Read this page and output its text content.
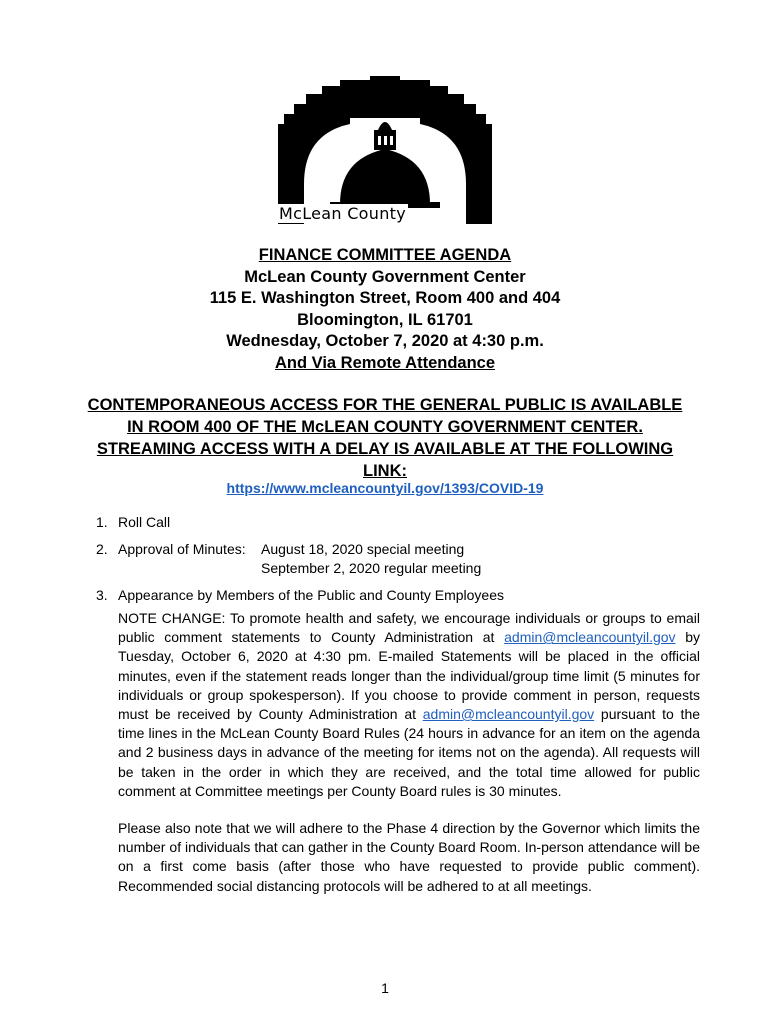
McLean County
FINANCE COMMITTEE AGENDA
McLean County Government Center
115 E. Washington Street, Room 400 and 404
Bloomington, IL 61701
Wednesday, October 7, 2020 at 4:30 p.m.
And Via Remote Attendance
CONTEMPORANEOUS ACCESS FOR THE GENERAL PUBLIC IS AVAILABLE IN ROOM 400 OF THE McLEAN COUNTY GOVERNMENT CENTER. STREAMING ACCESS WITH A DELAY IS AVAILABLE AT THE FOLLOWING LINK:
https://www.mcleancountyil.gov/1393/COVID-19
1. Roll Call
2. Approval of Minutes:	August 18, 2020 special meeting
September 2, 2020 regular meeting
3. Appearance by Members of the Public and County Employees

NOTE CHANGE: To promote health and safety, we encourage individuals or groups to email public comment statements to County Administration at admin@mcleancountyil.gov by Tuesday, October 6, 2020 at 4:30 pm. E-mailed Statements will be placed in the official minutes, even if the statement reads longer than the individual/group time limit (5 minutes for individuals or group spokesperson). If you choose to provide comment in person, requests must be received by County Administration at admin@mcleancountyil.gov pursuant to the time lines in the McLean County Board Rules (24 hours in advance for an item on the agenda and 2 business days in advance of the meeting for items not on the agenda). All requests will be taken in the order in which they are received, and the total time allowed for public comment at Committee meetings per County Board rules is 30 minutes.

Please also note that we will adhere to the Phase 4 direction by the Governor which limits the number of individuals that can gather in the County Board Room. In-person attendance will be on a first come basis (after those who have requested to provide public comment). Recommended social distancing protocols will be adhered to at all meetings.

1
